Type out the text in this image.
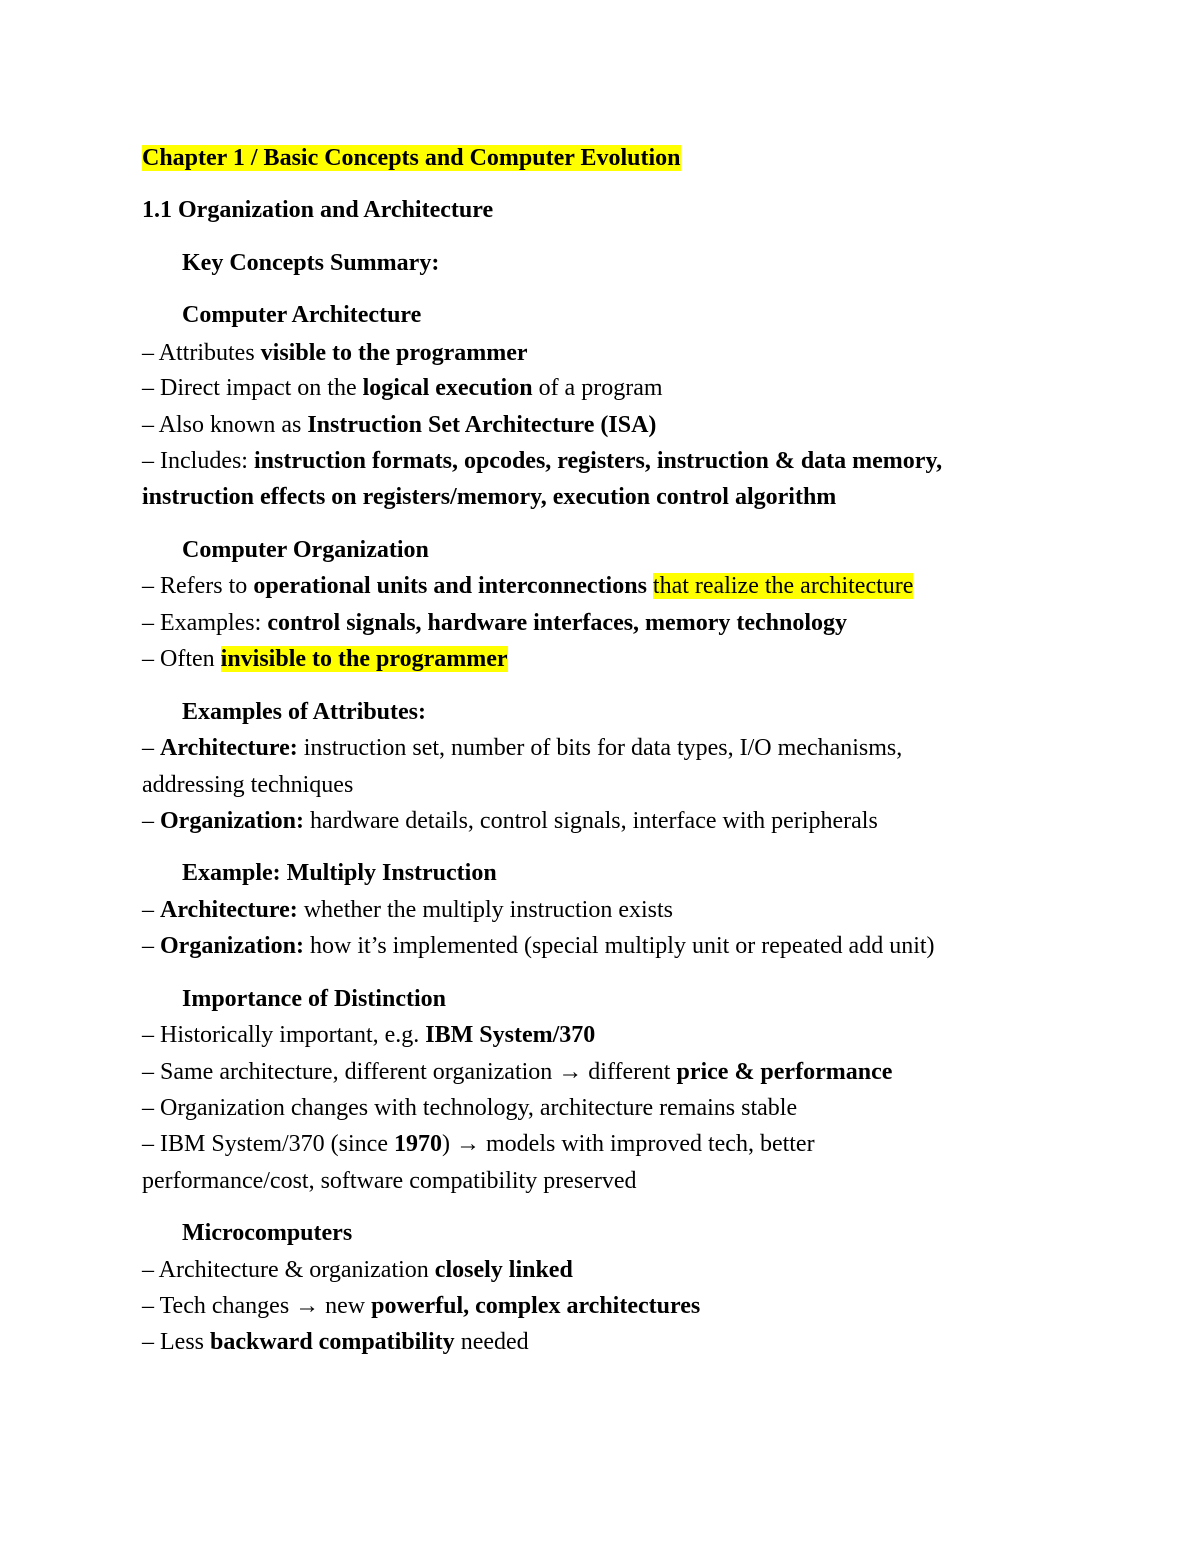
Chapter 1 / Basic Concepts and Computer Evolution
1.1 Organization and Architecture
Key Concepts Summary:
Computer Architecture
– Attributes visible to the programmer
– Direct impact on the logical execution of a program
– Also known as Instruction Set Architecture (ISA)
– Includes: instruction formats, opcodes, registers, instruction & data memory,
instruction effects on registers/memory, execution control algorithm
Computer Organization
– Refers to operational units and interconnections that realize the architecture
– Examples: control signals, hardware interfaces, memory technology
– Often invisible to the programmer
Examples of Attributes:
– Architecture: instruction set, number of bits for data types, I/O mechanisms,
addressing techniques
– Organization: hardware details, control signals, interface with peripherals
Example: Multiply Instruction
– Architecture: whether the multiply instruction exists
– Organization: how it’s implemented (special multiply unit or repeated add unit)
Importance of Distinction
– Historically important, e.g. IBM System/370
– Same architecture, different organization → different price & performance
– Organization changes with technology, architecture remains stable
– IBM System/370 (since 1970) → models with improved tech, better
performance/cost, software compatibility preserved
Microcomputers
– Architecture & organization closely linked
– Tech changes → new powerful, complex architectures
– Less backward compatibility needed
